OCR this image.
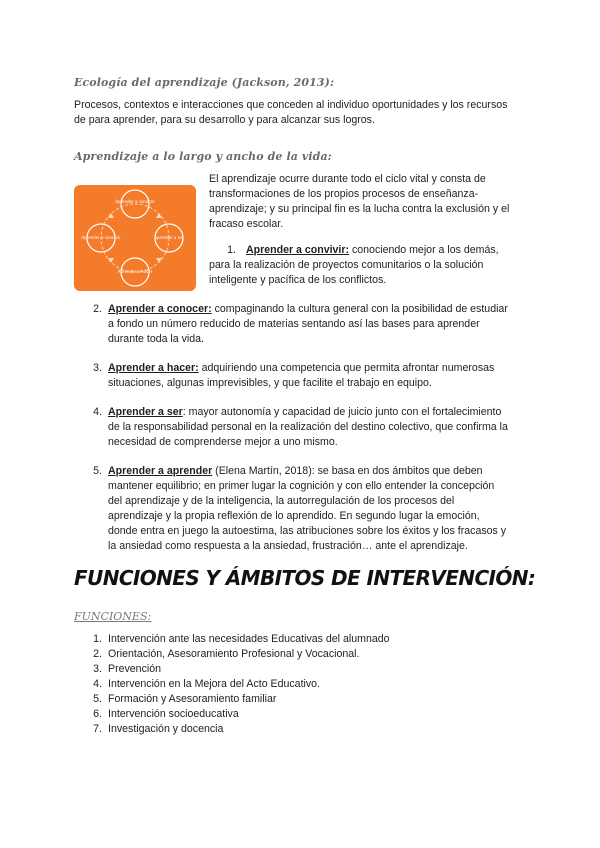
Ecología del aprendizaje (Jackson, 2013):
Procesos, contextos e interacciones que conceden al individuo oportunidades y los recursos
de para aprender, para su desarrollo y para alcanzar sus logros.
Aprendizaje a lo largo y ancho de la vida:
Aprender a conocer
Aprender a ser
Aprender a hacer
Aprender a convivir
El aprendizaje ocurre durante todo el ciclo vital y consta de
transformaciones de los propios procesos de enseñanza-
aprendizaje; y su principal fin es la lucha contra la exclusión y el
fracaso escolar.
1. Aprender a convivir: conociendo mejor a los demás,
para la realización de proyectos comunitarios o la solución
inteligente y pacífica de los conflictos.
2. Aprender a conocer: compaginando la cultura general con la posibilidad de estudiar
a fondo un número reducido de materias sentando así las bases para aprender
durante toda la vida.
3. Aprender a hacer: adquiriendo una competencia que permita afrontar numerosas
situaciones, algunas imprevisibles, y que facilite el trabajo en equipo.
4. Aprender a ser: mayor autonomía y capacidad de juicio junto con el fortalecimiento
de la responsabilidad personal en la realización del destino colectivo, que confirma la
necesidad de comprenderse mejor a uno mismo.
5. Aprender a aprender (Elena Martín, 2018): se basa en dos ámbitos que deben
mantener equilibrio; en primer lugar la cognición y con ello entender la concepción
del aprendizaje y de la inteligencia, la autorregulación de los procesos del
aprendizaje y la propia reflexión de lo aprendido. En segundo lugar la emoción,
donde entra en juego la autoestima, las atribuciones sobre los éxitos y los fracasos y
la ansiedad como respuesta a la ansiedad, frustración… ante el aprendizaje.
FUNCIONES Y ÁMBITOS DE INTERVENCIÓN:
FUNCIONES:
1. Intervención ante las necesidades Educativas del alumnado
2. Orientación, Asesoramiento Profesional y Vocacional.
3. Prevención
4. Intervención en la Mejora del Acto Educativo.
5. Formación y Asesoramiento familiar
6. Intervención socioeducativa
7. Investigación y docencia
